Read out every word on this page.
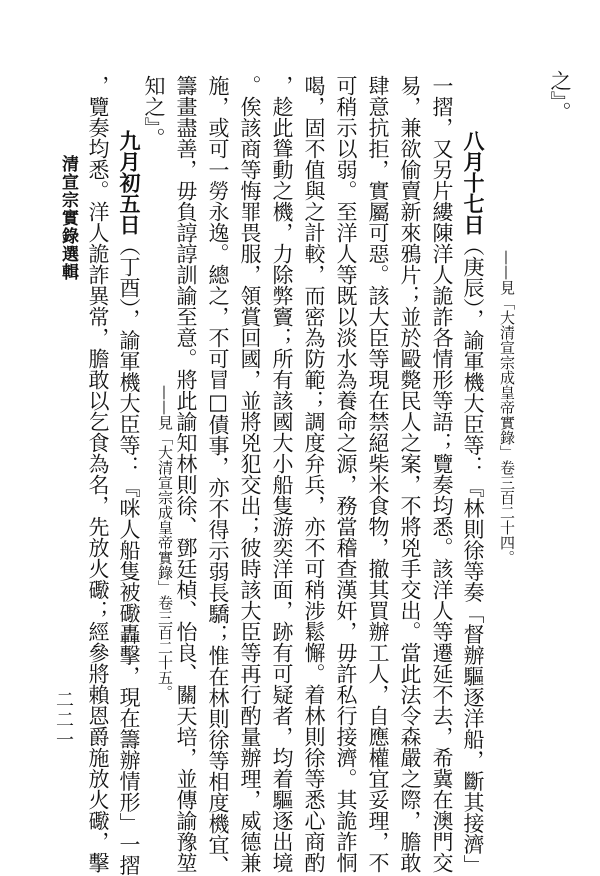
之』。
——見「大清宣宗成皇帝實錄」卷三百二十四。
八月十七日（庚辰），諭軍機大臣等：『林則徐等奏「督辦驅逐洋船，斷其接濟」
一摺，又另片縷陳洋人詭詐各情形等語；覽奏均悉。該洋人等遷延不去，希冀在澳門交
易，兼欲偷賣新來鴉片；並於毆斃民人之案，不將兇手交出。當此法令森嚴之際，膽敢
肆意抗拒，實屬可惡。該大臣等現在禁絕柴米食物，撤其買辦工人，自應權宜妥理，不
可稍示以弱。至洋人等既以淡水為養命之源，務當稽查漢奸，毋許私行接濟。其詭詐恫
喝，固不值與之計較，而密為防範；調度弁兵，亦不可稍涉鬆懈。着林則徐等悉心商酌
，趁此聳動之機，力除弊竇；所有該國大小船隻游奕洋面，跡有可疑者，均着驅逐出境
。俟該商等悔罪畏服，領賞回國，並將兇犯交出；彼時該大臣等再行酌量辦理，威德兼
施，或可一勞永逸。總之，不可冒□債事，亦不得示弱長驕；惟在林則徐等相度機宜、
籌畫盡善，毋負諄諄訓諭至意。將此諭知林則徐、鄧廷楨、怡良、關天培，並傳諭豫堃
知之』。
——見「大清宣宗成皇帝實錄」卷三百二十五。
九月初五日（丁酉），諭軍機大臣等：『咪人船隻被礮轟擊，現在籌辦情形」一摺
，覽奏均悉。洋人詭詐異常，膽敢以乞食為名，先放火礮；經參將賴恩爵施放火礮，擊
清宣宗實錄選輯
二二一
